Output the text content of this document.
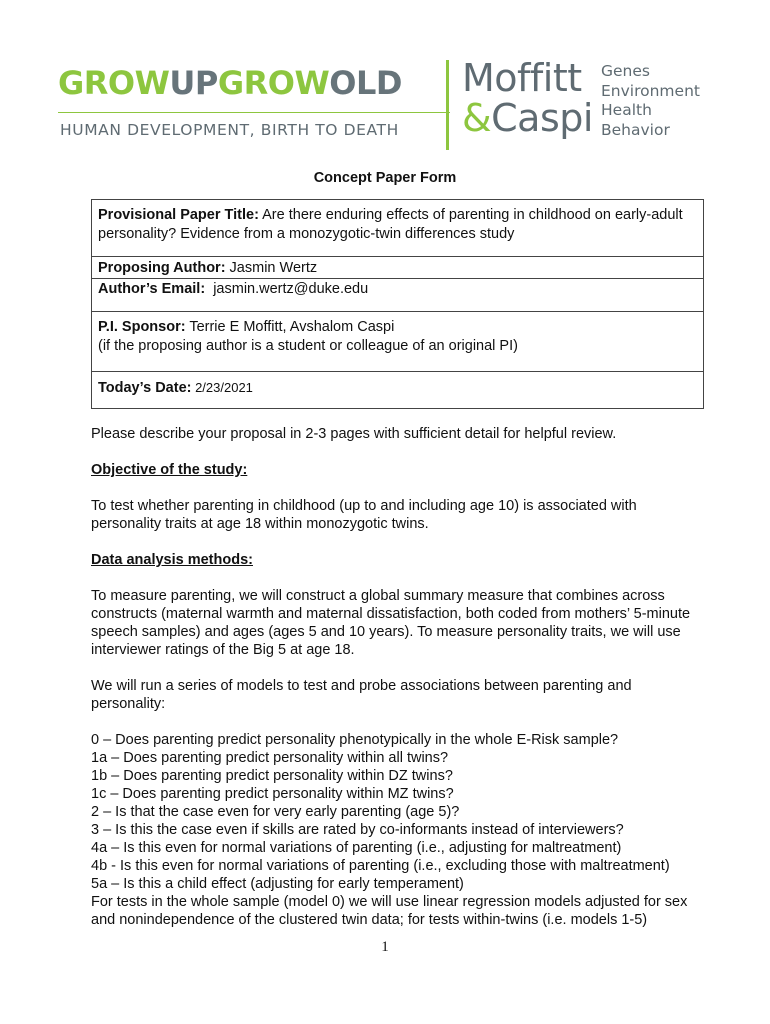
GROWUPGROWOLD
HUMAN DEVELOPMENT, BIRTH TO DEATH
Moffitt
&Caspi
Genes
Environment
Health
Behavior
Concept Paper Form
Provisional Paper Title: Are there enduring effects of parenting in childhood on early-adult personality? Evidence from a monozygotic-twin differences study
Proposing Author: Jasmin Wertz
Author’s Email:  jasmin.wertz@duke.edu
P.I. Sponsor: Terrie E Moffitt, Avshalom Caspi
(if the proposing author is a student or colleague of an original PI)
Today’s Date: 2/23/2021

Please describe your proposal in 2-3 pages with sufficient detail for helpful review.

Objective of the study:

To test whether parenting in childhood (up to and including age 10) is associated with personality traits at age 18 within monozygotic twins.

Data analysis methods:

To measure parenting, we will construct a global summary measure that combines across constructs (maternal warmth and maternal dissatisfaction, both coded from mothers’ 5-minute speech samples) and ages (ages 5 and 10 years). To measure personality traits, we will use interviewer ratings of the Big 5 at age 18.

We will run a series of models to test and probe associations between parenting and personality:

0 – Does parenting predict personality phenotypically in the whole E-Risk sample?

1a – Does parenting predict personality within all twins?

1b – Does parenting predict personality within DZ twins?

1c – Does parenting predict personality within MZ twins?

2 – Is that the case even for very early parenting (age 5)?

3 – Is this the case even if skills are rated by co-informants instead of interviewers?

4a – Is this even for normal variations of parenting (i.e., adjusting for maltreatment)

4b - Is this even for normal variations of parenting (i.e., excluding those with maltreatment)

5a – Is this a child effect (adjusting for early temperament)

For tests in the whole sample (model 0) we will use linear regression models adjusted for sex and nonindependence of the clustered twin data; for tests within-twins (i.e. models 1-5)

1
